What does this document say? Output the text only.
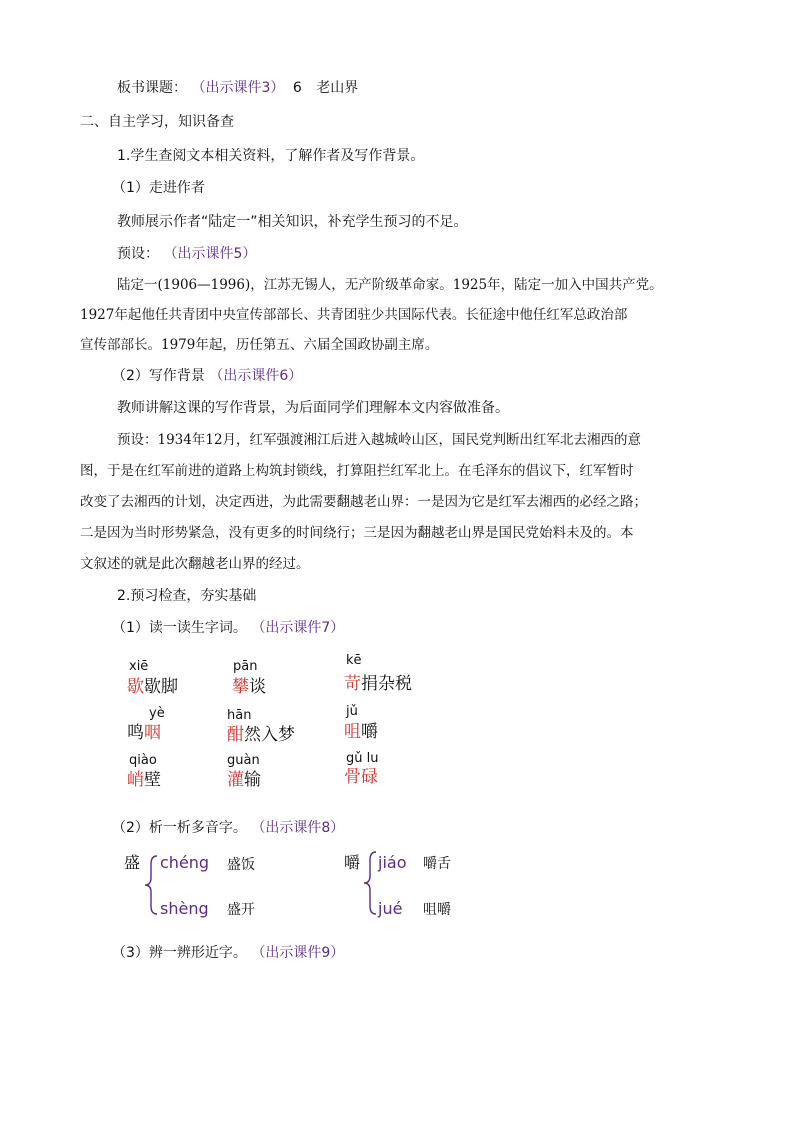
板书课题： （出示课件3） 6 老山界
二、自主学习，知识备查
1.学生查阅文本相关资料，了解作者及写作背景。
（1）走进作者
教师展示作者“陆定一”相关知识，补充学生预习的不足。
预设： （出示课件5）
陆定一(1906—1996)，江苏无锡人，无产阶级革命家。1925年，陆定一加入中国共产党。
1927年起他任共青团中央宣传部部长、共青团驻少共国际代表。长征途中他任红军总政治部
宣传部部长。1979年起，历任第五、六届全国政协副主席。
（2）写作背景 （出示课件6）
教师讲解这课的写作背景，为后面同学们理解本文内容做准备。
预设：1934年12月，红军强渡湘江后进入越城岭山区，国民党判断出红军北去湘西的意
图，于是在红军前进的道路上构筑封锁线，打算阻拦红军北上。在毛泽东的倡议下，红军暂时
改变了去湘西的计划，决定西进，为此需要翻越老山界：一是因为它是红军去湘西的必经之路；
二是因为当时形势紧急，没有更多的时间绕行；三是因为翻越老山界是国民党始料未及的。本
文叙述的就是此次翻越老山界的经过。
2.预习检查，夯实基础
（1）读一读生字词。 （出示课件7）
xiē
歇歇脚
pān
攀谈
kē
苛捐杂税
yè
鸣咽
hān
酣然入梦
jǔ
咀嚼
qiào
峭壁
guàn
灌输
gǔ lu
骨碌
（2）析一析多音字。 （出示课件8）
盛 chéng 盛饭
shèng 盛开
嚼 jiáo 嚼舌
jué 咀嚼
（3）辨一辨形近字。 （出示课件9）
